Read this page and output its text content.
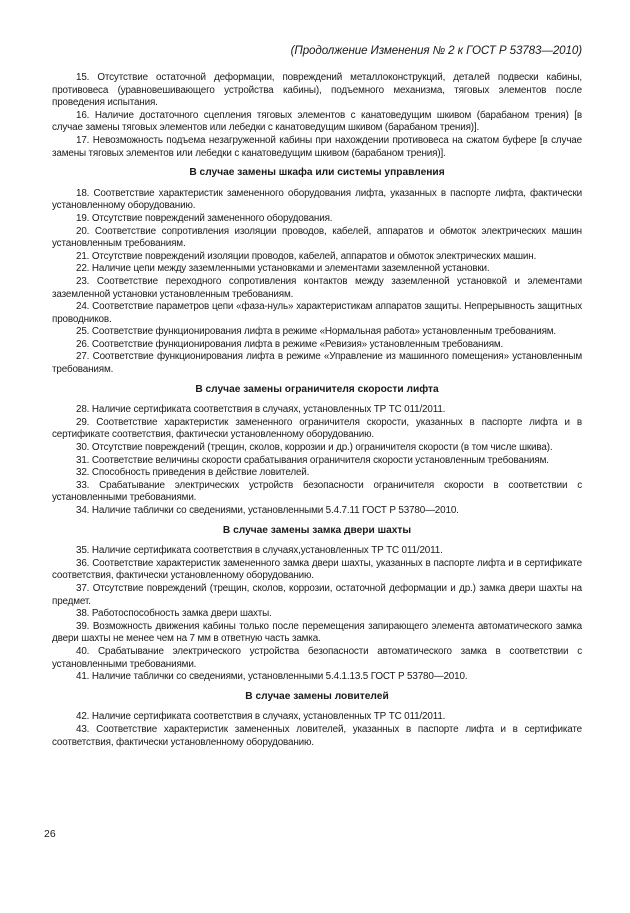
(Продолжение Изменения № 2 к ГОСТ Р 53783—2010)

15. Отсутствие остаточной деформации, повреждений металлоконструкций, деталей подвески кабины, противовеса (уравновешивающего устройства кабины), подъемного механизма, тяговых элементов после проведения испытания.

16. Наличие достаточного сцепления тяговых элементов с канатоведущим шкивом (барабаном трения) [в случае замены тяговых элементов или лебедки с канатоведущим шкивом (барабаном трения)].

17. Невозможность подъема незагруженной кабины при нахождении противовеса на сжатом буфере [в случае замены тяговых элементов или лебедки с канатоведущим шкивом (барабаном трения)].

В случае замены шкафа или системы управления

18. Соответствие характеристик замененного оборудования лифта, указанных в паспорте лифта, фактически установленному оборудованию.

19. Отсутствие повреждений замененного оборудования.

20. Соответствие сопротивления изоляции проводов, кабелей, аппаратов и обмоток электрических машин установленным требованиям.

21. Отсутствие повреждений изоляции проводов, кабелей, аппаратов и обмоток электрических машин.

22. Наличие цепи между заземленными установками и элементами заземленной установки.

23. Соответствие переходного сопротивления контактов между заземленной установкой и элементами заземленной установки установленным требованиям.

24. Соответствие параметров цепи «фаза-нуль» характеристикам аппаратов защиты. Непрерывность защитных проводников.

25. Соответствие функционирования лифта в режиме «Нормальная работа» установленным требованиям.

26. Соответствие функционирования лифта в режиме «Ревизия» установленным требованиям.

27. Соответствие функционирования лифта в режиме «Управление из машинного помещения» установленным требованиям.

В случае замены ограничителя скорости лифта

28. Наличие сертификата соответствия в случаях, установленных ТР ТС 011/2011.

29. Соответствие характеристик замененного ограничителя скорости, указанных в паспорте лифта и в сертификате соответствия, фактически установленному оборудованию.

30. Отсутствие повреждений (трещин, сколов, коррозии и др.) ограничителя скорости (в том числе шкива).

31. Соответствие величины скорости срабатывания ограничителя скорости установленным требованиям.

32. Способность приведения в действие ловителей.

33. Срабатывание электрических устройств безопасности ограничителя скорости в соответствии с установленными требованиями.

34. Наличие таблички со сведениями, установленными 5.4.7.11 ГОСТ Р 53780—2010.

В случае замены замка двери шахты

35. Наличие сертификата соответствия в случаях,установленных ТР ТС 011/2011.

36. Соответствие характеристик замененного замка двери шахты, указанных в паспорте лифта и в сертификате соответствия, фактически установленному оборудованию.

37. Отсутствие повреждений (трещин, сколов, коррозии, остаточной деформации и др.) замка двери шахты на предмет.

38. Работоспособность замка двери шахты.

39. Возможность движения кабины только после перемещения запирающего элемента автоматического замка двери шахты не менее чем на 7 мм в ответную часть замка.

40. Срабатывание электрического устройства безопасности автоматического замка в соответствии с установленными требованиями.

41. Наличие таблички со сведениями, установленными 5.4.1.13.5 ГОСТ Р 53780—2010.

В случае замены ловителей

42. Наличие сертификата соответствия в случаях, установленных ТР ТС 011/2011.

43. Соответствие характеристик замененных ловителей, указанных в паспорте лифта и в сертификате соответствия, фактически установленному оборудованию.

26
